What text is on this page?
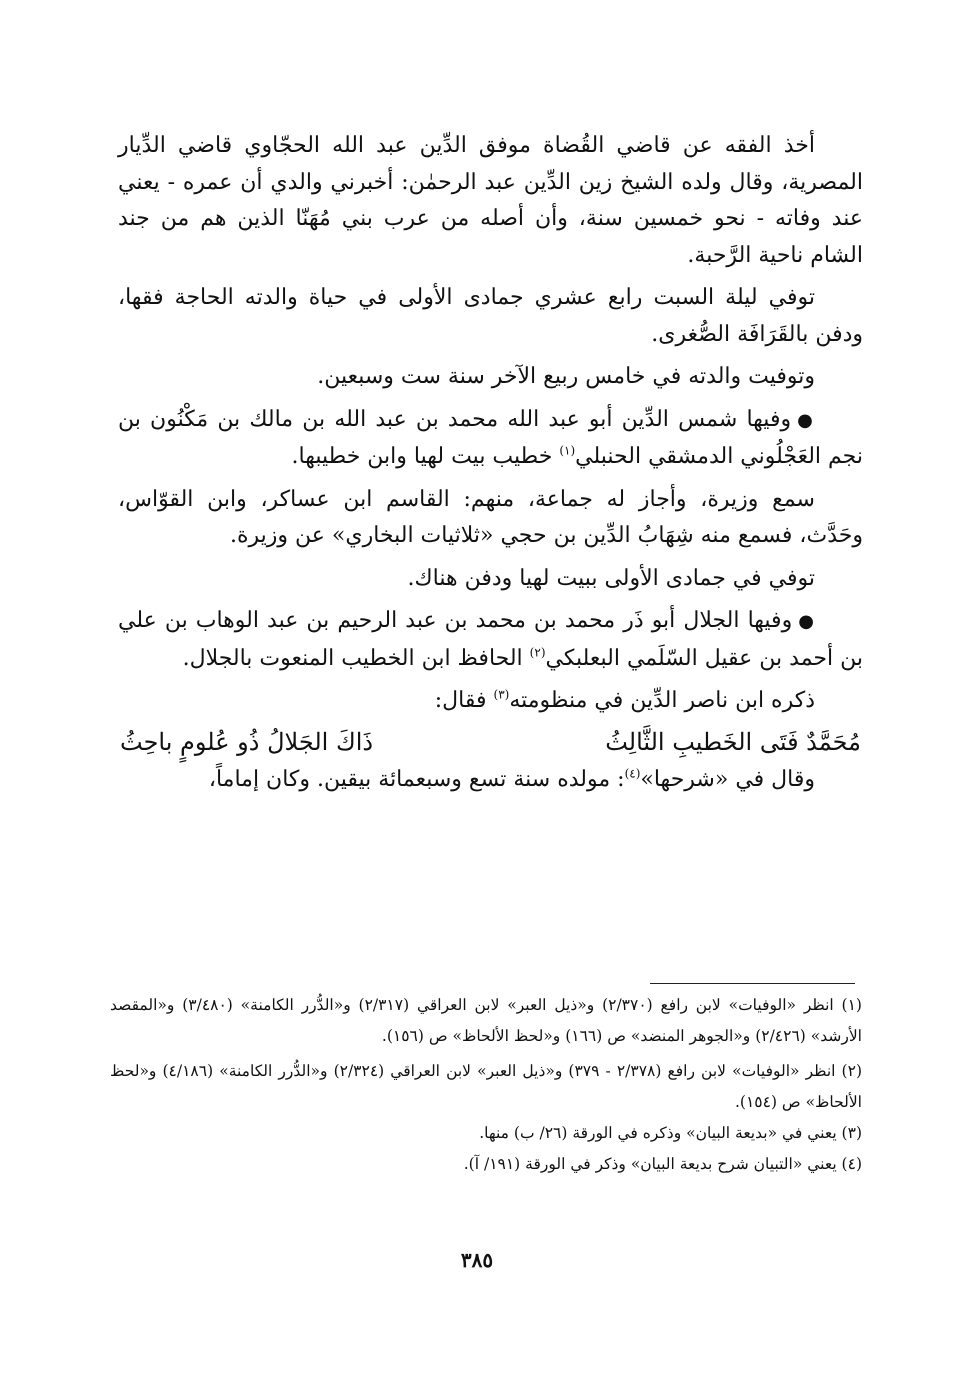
أخذ الفقه عن قاضي القُضاة موفق الدِّين عبد الله الحجّاوي قاضي الدِّيار المصرية، وقال ولده الشيخ زين الدِّين عبد الرحمٰن: أخبرني والدي أن عمره - يعني عند وفاته - نحو خمسين سنة، وأن أصله من عرب بني مُهَنّا الذين هم من جند الشام ناحية الرَّحبة.

توفي ليلة السبت رابع عشري جمادى الأولى في حياة والدته الحاجة فقها، ودفن بالقَرَافَة الصُّغرى.

وتوفيت والدته في خامس ربيع الآخر سنة ست وسبعين.

●وفيها شمس الدِّين أبو عبد الله محمد بن عبد الله بن مالك بن مَكْنُون بن نجم العَجْلُوني الدمشقي الحنبلي$^{(١)}$ خطيب بيت لهيا وابن خطيبها.

سمع وزيرة، وأجاز له جماعة، منهم: القاسم ابن عساكر، وابن القوّاس، وحَدَّث، فسمع منه شِهَابُ الدِّين بن حجي «ثلاثيات البخاري» عن وزيرة.

توفي في جمادى الأولى ببيت لهيا ودفن هناك.

●وفيها الجلال أبو ذَر محمد بن محمد بن عبد الرحيم بن عبد الوهاب بن علي بن أحمد بن عقيل السّلَمي البعلبكي$^{(٢)}$ الحافظ ابن الخطيب المنعوت بالجلال.

ذكره ابن ناصر الدِّين في منظومته$^{(٣)}$ فقال:

مُحَمَّدٌ فَتَى الخَطيبِ الثَّالِثُ
ذَاكَ الجَلالُ ذُو عُلومٍ باحِثُ

وقال في «شرحها»$^{(٤)}$: مولده سنة تسع وسبعمائة بيقين. وكان إماماً،

(١) انظر «الوفيات» لابن رافع (٢/٣٧٠) و«ذيل العبر» لابن العراقي (٢/٣١٧) و«الدُّرر الكامنة» (٣/٤٨٠) و«المقصد الأرشد» (٢/٤٢٦) و«الجوهر المنضد» ص (١٦٦) و«لحظ الألحاظ» ص (١٥٦).

(٢) انظر «الوفيات» لابن رافع (٢/٣٧٨ - ٣٧٩) و«ذيل العبر» لابن العراقي (٢/٣٢٤) و«الدُّرر الكامنة» (٤/١٨٦) و«لحظ الألحاظ» ص (١٥٤).

(٣) يعني في «بديعة البيان» وذكره في الورقة (٢٦/ ب) منها.

(٤) يعني «التبيان شرح بديعة البيان» وذكر في الورقة (١٩١/ آ).

٣٨٥
